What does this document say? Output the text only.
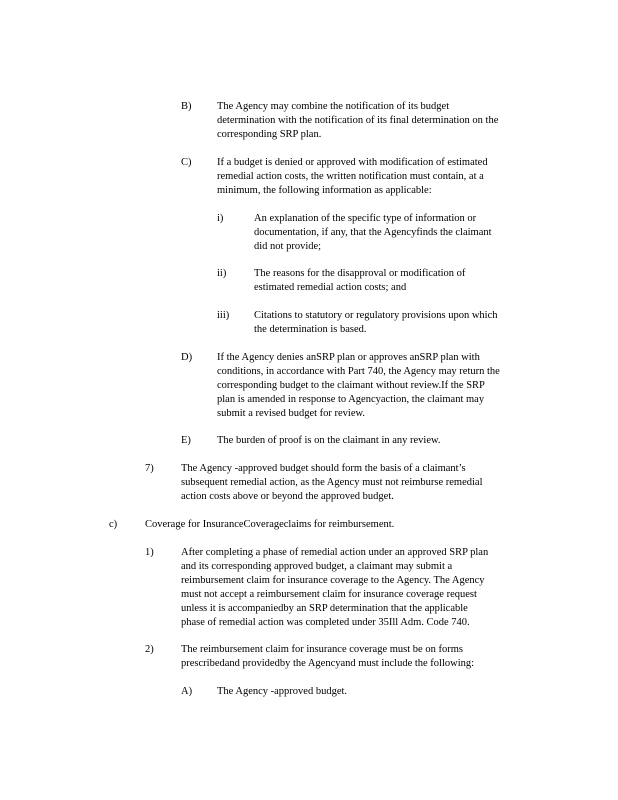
B) The Agency may combine the notification of its budget
determination with the notification of its final determination on the
corresponding SRP plan.
C) If a budget is denied or approved with modification of estimated
remedial action costs, the written notification must contain, at a
minimum, the following information as applicable:
i)	An explanation of the specific type of information or
documentation, if any, that the Agencyfinds the claimant
did not provide;
ii)	The reasons for the disapproval or modification of
estimated remedial action costs; and
iii) Citations to statutory or regulatory provisions upon which
the determination is based.
D) If the Agency denies anSRP plan or approves anSRP plan with
conditions, in accordance with Part 740, the Agency may return the
corresponding budget to the claimant without review.If the SRP
plan is amended in response to Agencyaction, the claimant may
submit a revised budget for review.
E) The burden of proof is on the claimant in any review.
7)	The Agency -approved budget should form the basis of a claimant’s
subsequent remedial action, as the Agency must not reimburse remedial
action costs above or beyond the approved budget.
c)	Coverage for InsuranceCoverageclaims for reimbursement.
1)	After completing a phase of remedial action under an approved SRP plan
and its corresponding approved budget, a claimant may submit a
reimbursement claim for insurance coverage to the Agency. The Agency
must not accept a reimbursement claim for insurance coverage request
unless it is accompaniedby an SRP determination that the applicable
phase of remedial action was completed under 35Ill Adm. Code 740.
2)	The reimbursement claim for insurance coverage must be on forms
prescribedand providedby the Agencyand must include the following:
A) The Agency -approved budget.
